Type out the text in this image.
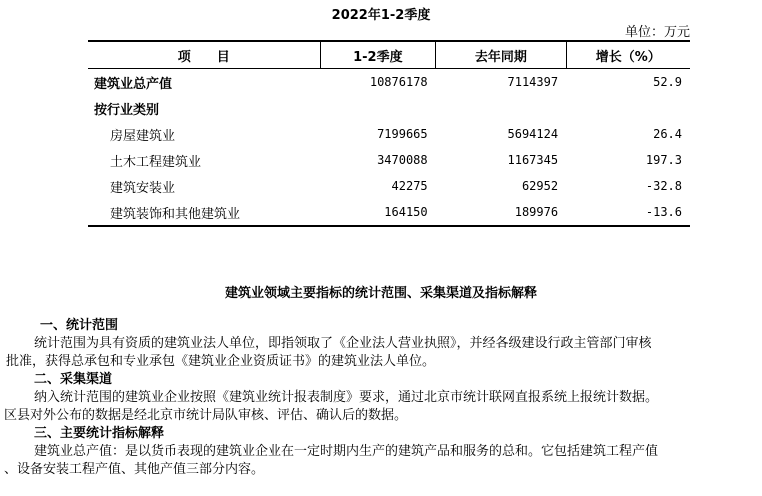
2022年1-2季度
单位：万元
项　　目	1-2季度	去年同期	增长（%）
建筑业总产值	10876178	7114397	52.9
按行业类别			
房屋建筑业	7199665	5694124	26.4
土木工程建筑业	3470088	1167345	197.3
建筑安装业	42275	62952	-32.8
建筑装饰和其他建筑业	164150	189976	-13.6
建筑业领域主要指标的统计范围、采集渠道及指标解释
一、统计范围
统计范围为具有资质的建筑业法人单位，即指领取了《企业法人营业执照》，并经各级建设行政主管部门审核
批准，获得总承包和专业承包《建筑业企业资质证书》的建筑业法人单位。
二、采集渠道
纳入统计范围的建筑业企业按照《建筑业统计报表制度》要求，通过北京市统计联网直报系统上报统计数据。
区县对外公布的数据是经北京市统计局队审核、评估、确认后的数据。
三、主要统计指标解释
建筑业总产值：是以货币表现的建筑业企业在一定时期内生产的建筑产品和服务的总和。它包括建筑工程产值
、设备安装工程产值、其他产值三部分内容。
